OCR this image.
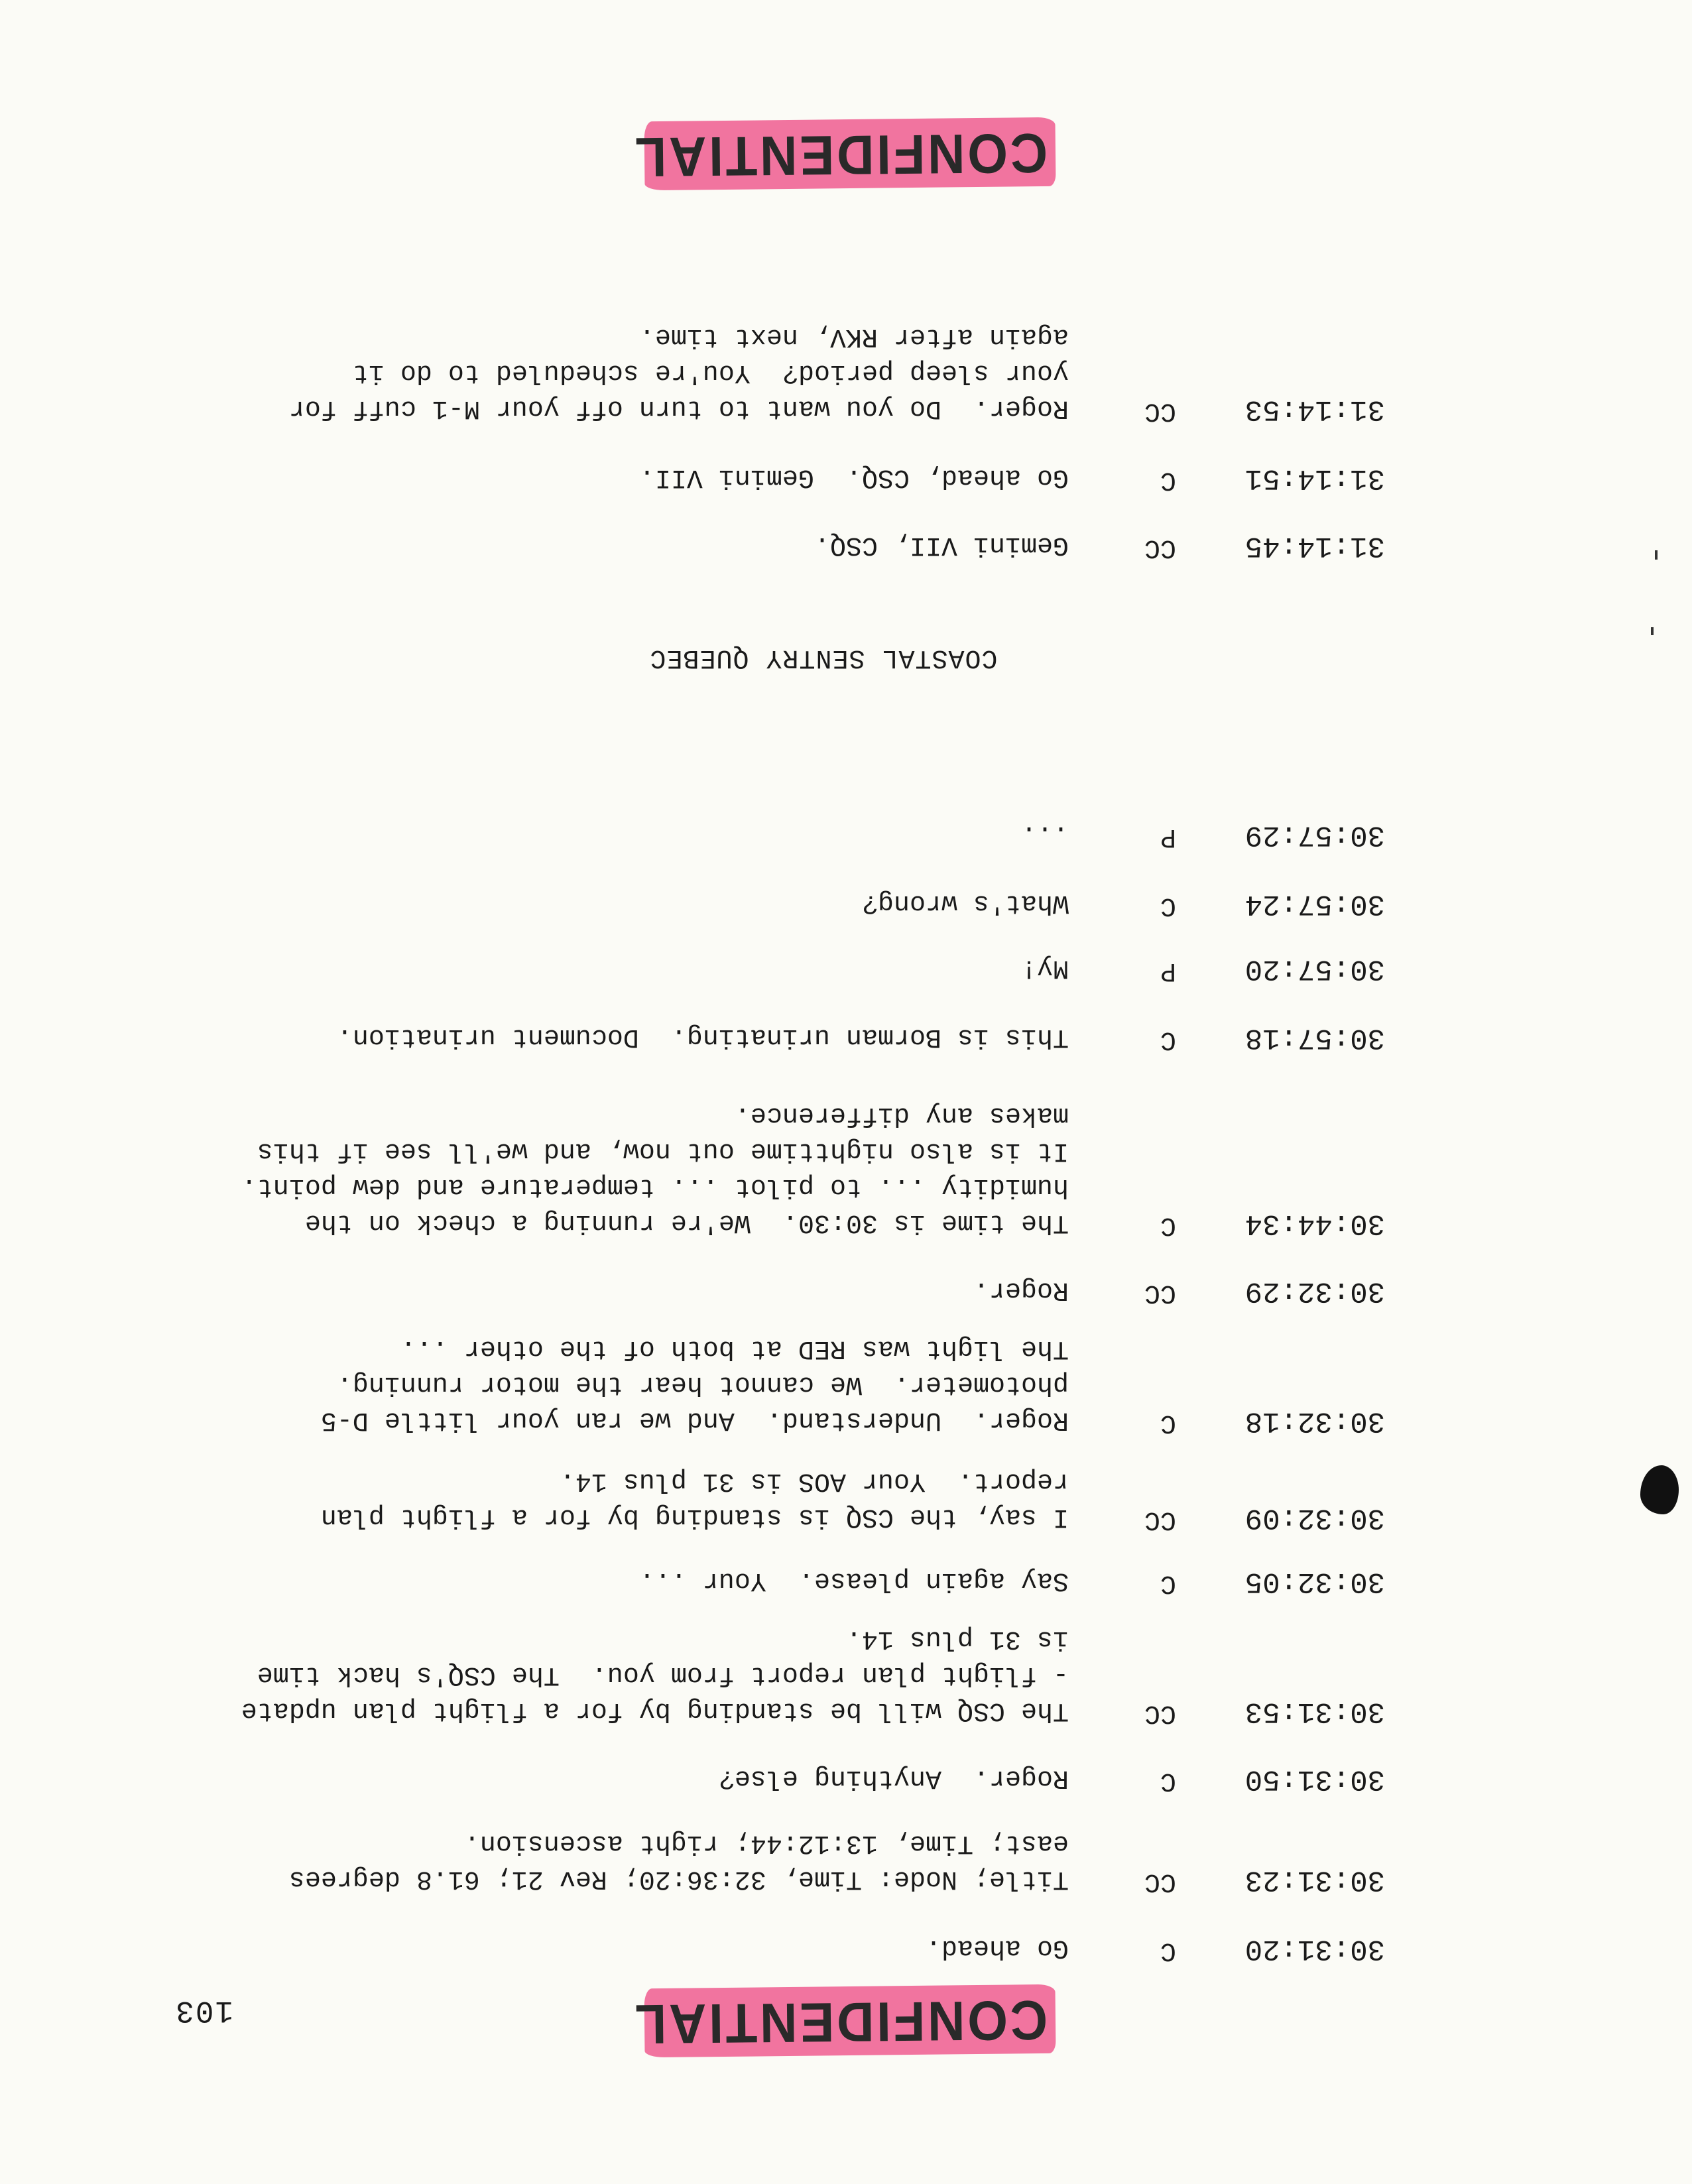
103	CONFIDENTIAL
30:31:20
C
Go ahead.
30:31:23
CC
Title; Node: Time, 32:36:20; Rev 21; 61.8 degrees
east; Time, 13:12:44; right ascension.
30:31:50
C
Roger.  Anything else?
30:31:53
CC
The CSQ will be standing by for a flight plan update
- flight plan report from you.  The CSQ's hack time
is 31 plus 14.
30:32:05
C
Say again please.  Your ...
30:32:09
CC
I say, the CSQ is standing by for a flight plan
report.  Your AOS is 31 plus 14.
30:32:18
C
Roger.  Understand.  And we ran your little D-5
photometer.  We cannot hear the motor running.
The light was RED at both of the other ...
30:32:29
CC
Roger.
30:44:34
C
The time is 30:30.  We're running a check on the
humidity ... to pilot ... temperature and dew point.
It is also nighttime out now, and we'll see if this
makes any difference.
30:57:18
C
This is Borman urinating.  Document urination.
30:57:20
P
My!
30:57:24
C
What's wrong?
30:57:29
P
...
COASTAL SENTRY QUEBEC
31:14:45
CC
Gemini VII, CSQ.
31:14:51
C
Go ahead, CSQ.  Gemini VII.
31:14:53
CC
Roger.  Do you want to turn off your M-1 cuff for
your sleep period?  You're scheduled to do it
again after RKV, next time.
CONFIDENTIAL
